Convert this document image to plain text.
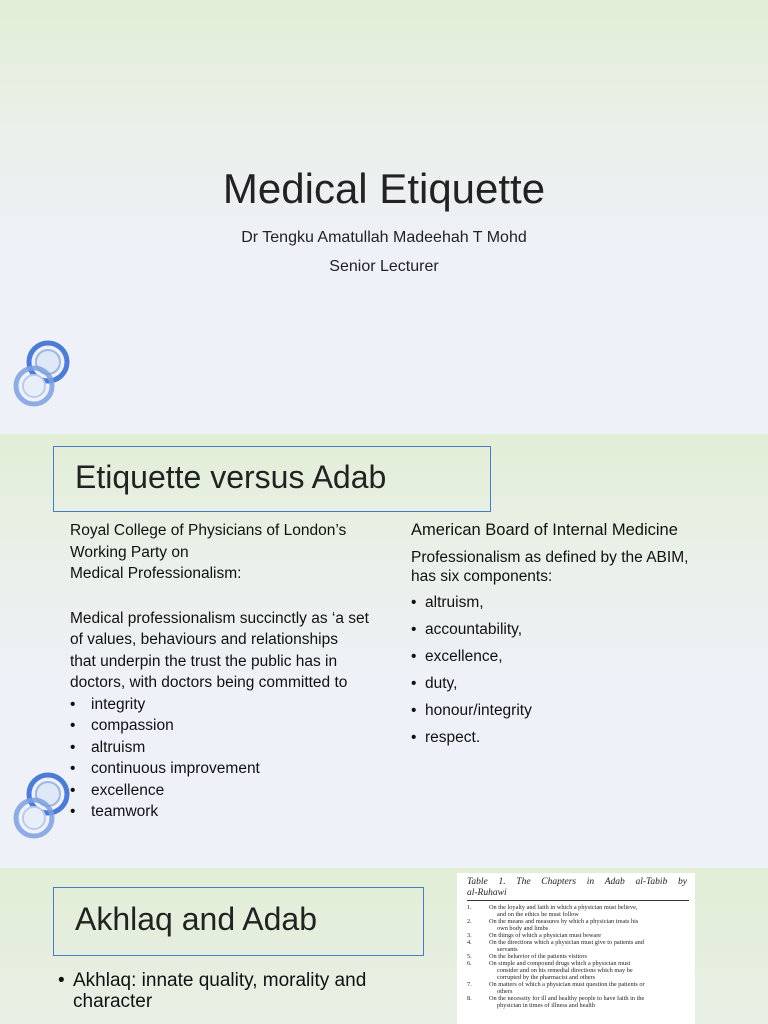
Medical Etiquette
Dr Tengku Amatullah Madeehah T Mohd
Senior Lecturer
Etiquette versus Adab
Royal College of Physicians of London’s
Working Party on
Medical Professionalism:
Medical professionalism succinctly as ‘a set
of values, behaviours and relationships
that underpin the trust the public has in
doctors, with doctors being committed to
• integrity
• compassion
• altruism
• continuous improvement
• excellence
• teamwork
American Board of Internal Medicine
Professionalism as defined by the ABIM,
has six components:
• altruism,
• accountability,
• excellence,
• duty,
• honour/integrity
• respect.
Akhlaq and Adab
• Akhlaq: innate quality, morality and
character
Table 1. The Chapters in Adab al-Tabib by
al-Ruhawi
1.	On the loyalty and faith in which a physician must believe,
and on the ethics he must follow
2.	On the means and measures by which a physician treats his
own body and limbs
3.	On things of which a physician must beware
4.	On the directions which a physician must give to patients and
servants
5.	On the behavior of the patients visitors
6.	On simple and compound drugs which a physician must
consider and on his remedial directions which may be
corrupted by the pharmacist and others
7.	On matters of which a physician must question the patients or
others
8.	On the necessity for ill and healthy people to have faith in the
physician in times of illness and health
